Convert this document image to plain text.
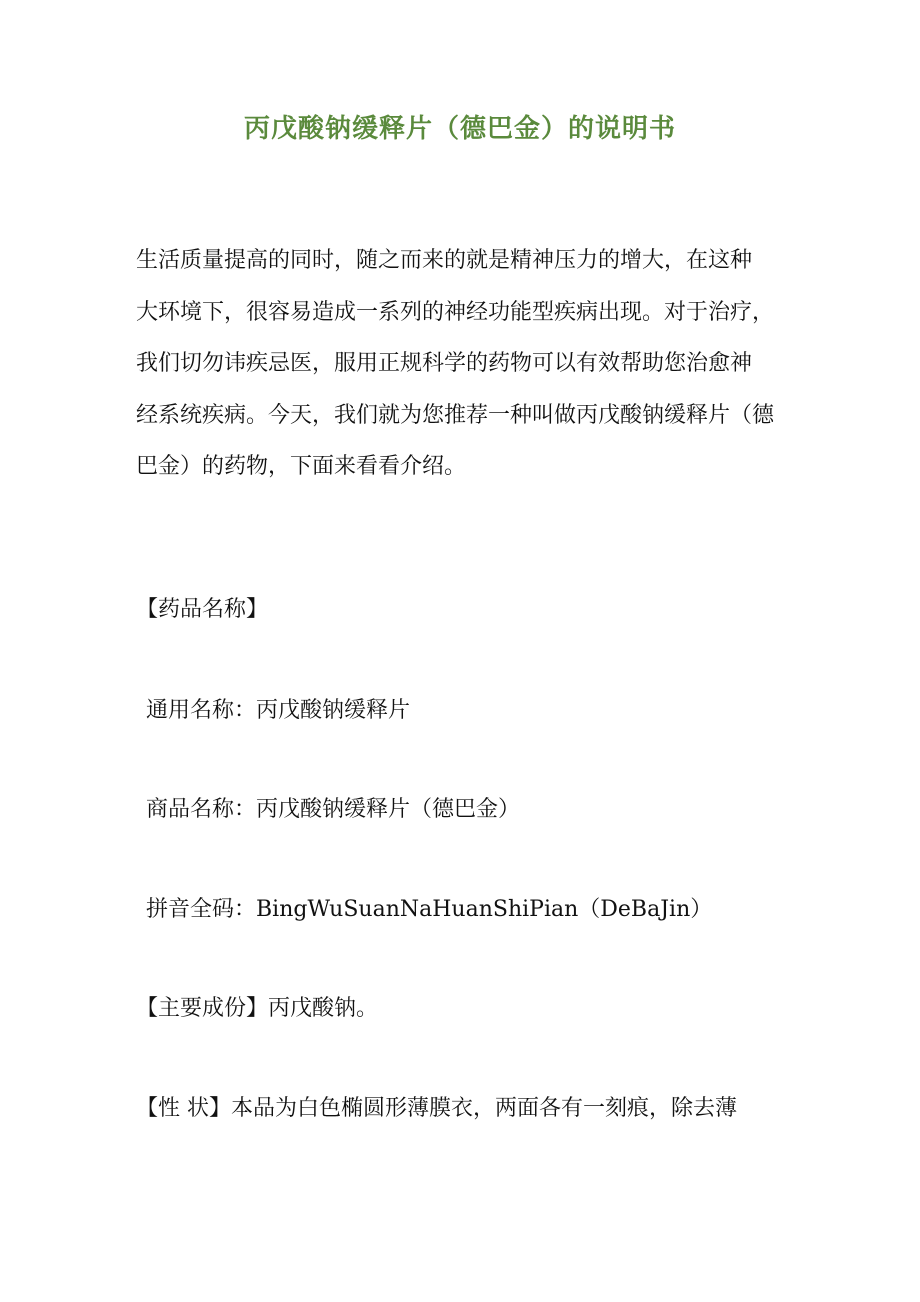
丙戊酸钠缓释片（德巴金）的说明书
生活质量提高的同时，随之而来的就是精神压力的增大，在这种
大环境下，很容易造成一系列的神经功能型疾病出现。对于治疗，
我们切勿讳疾忌医，服用正规科学的药物可以有效帮助您治愈神
经系统疾病。今天，我们就为您推荐一种叫做丙戊酸钠缓释片（德
巴金）的药物，下面来看看介绍。
【药品名称】
通用名称：丙戊酸钠缓释片
商品名称：丙戊酸钠缓释片（德巴金）
拼音全码：BingWuSuanNaHuanShiPian（DeBaJin）
【主要成份】丙戊酸钠。
【性 状】本品为白色椭圆形薄膜衣，两面各有一刻痕，除去薄
